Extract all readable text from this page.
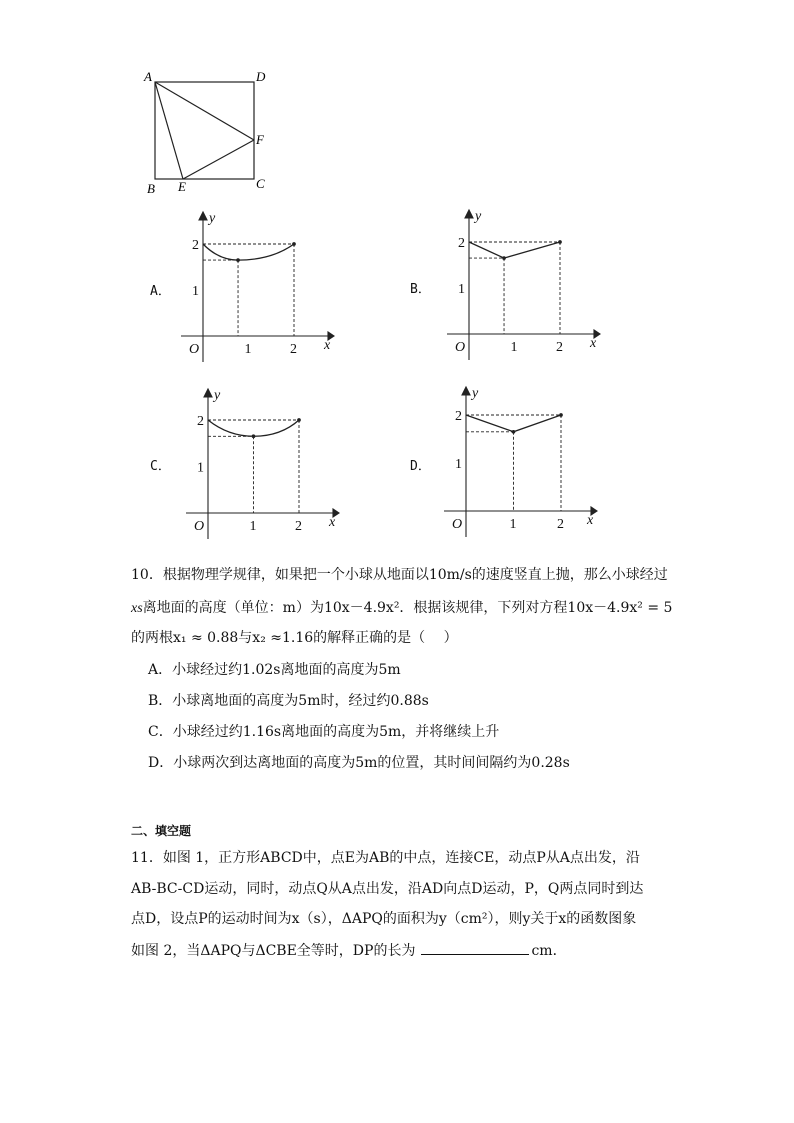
A	D
F
B E	C
O	x
y
1	2
1
2
A．
O	x
y
1	2
1
2
B．
O	x
y
1	2
1
2
C．
O	x
y
1	2
1
2
D．
10．根据物理学规律，如果把一个小球从地面以10m/s的速度竖直上抛，那么小球经过
xs离地面的高度（单位：m）为10x－4.9x²．根据该规律，下列对方程10x－4.9x² = 5
的两根x₁ ≈ 0.88与x₂ ≈1.16的解释正确的是（　 ）
A．小球经过约1.02s离地面的高度为5m
B．小球离地面的高度为5m时，经过约0.88s
C．小球经过约1.16s离地面的高度为5m，并将继续上升
D．小球两次到达离地面的高度为5m的位置，其时间间隔约为0.28s
二、填空题
11．如图 1，正方形ABCD中，点E为AB的中点，连接CE，动点P从A点出发，沿
AB-BC-CD运动，同时，动点Q从A点出发，沿AD向点D运动，P，Q两点同时到达
点D，设点P的运动时间为x（s），ΔAPQ的面积为y（cm²），则y关于x的函数图象
如图 2，当ΔAPQ与ΔCBE全等时，DP的长为	cm．
